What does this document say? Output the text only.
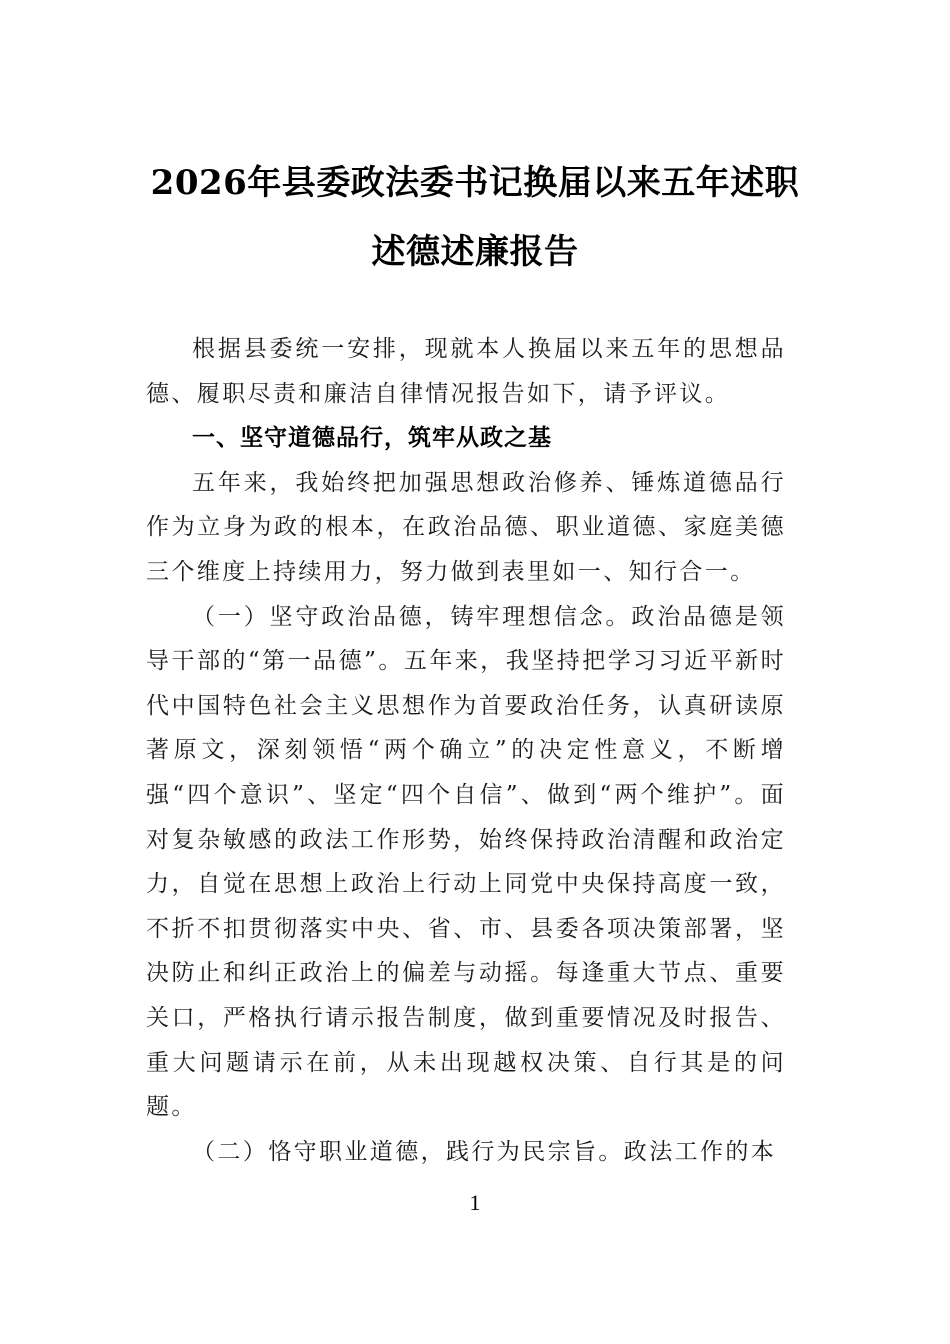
2026年县委政法委书记换届以来五年述职
述德述廉报告

根据县委统一安排，现就本人换届以来五年的思想品德、履职尽责和廉洁自律情况报告如下，请予评议。

一、坚守道德品行，筑牢从政之基

五年来，我始终把加强思想政治修养、锤炼道德品行作为立身为政的根本，在政治品德、职业道德、家庭美德三个维度上持续用力，努力做到表里如一、知行合一。

（一）坚守政治品德，铸牢理想信念。政治品德是领导干部的“第一品德”。五年来，我坚持把学习习近平新时代中国特色社会主义思想作为首要政治任务，认真研读原著原文，深刻领悟“两个确立”的决定性意义，不断增强“四个意识”、坚定“四个自信”、做到“两个维护”。面对复杂敏感的政法工作形势，始终保持政治清醒和政治定力，自觉在思想上政治上行动上同党中央保持高度一致，不折不扣贯彻落实中央、省、市、县委各项决策部署，坚决防止和纠正政治上的偏差与动摇。每逢重大节点、重要关口，严格执行请示报告制度，做到重要情况及时报告、重大问题请示在前，从未出现越权决策、自行其是的问题。

（二）恪守职业道德，践行为民宗旨。政法工作的本

1
